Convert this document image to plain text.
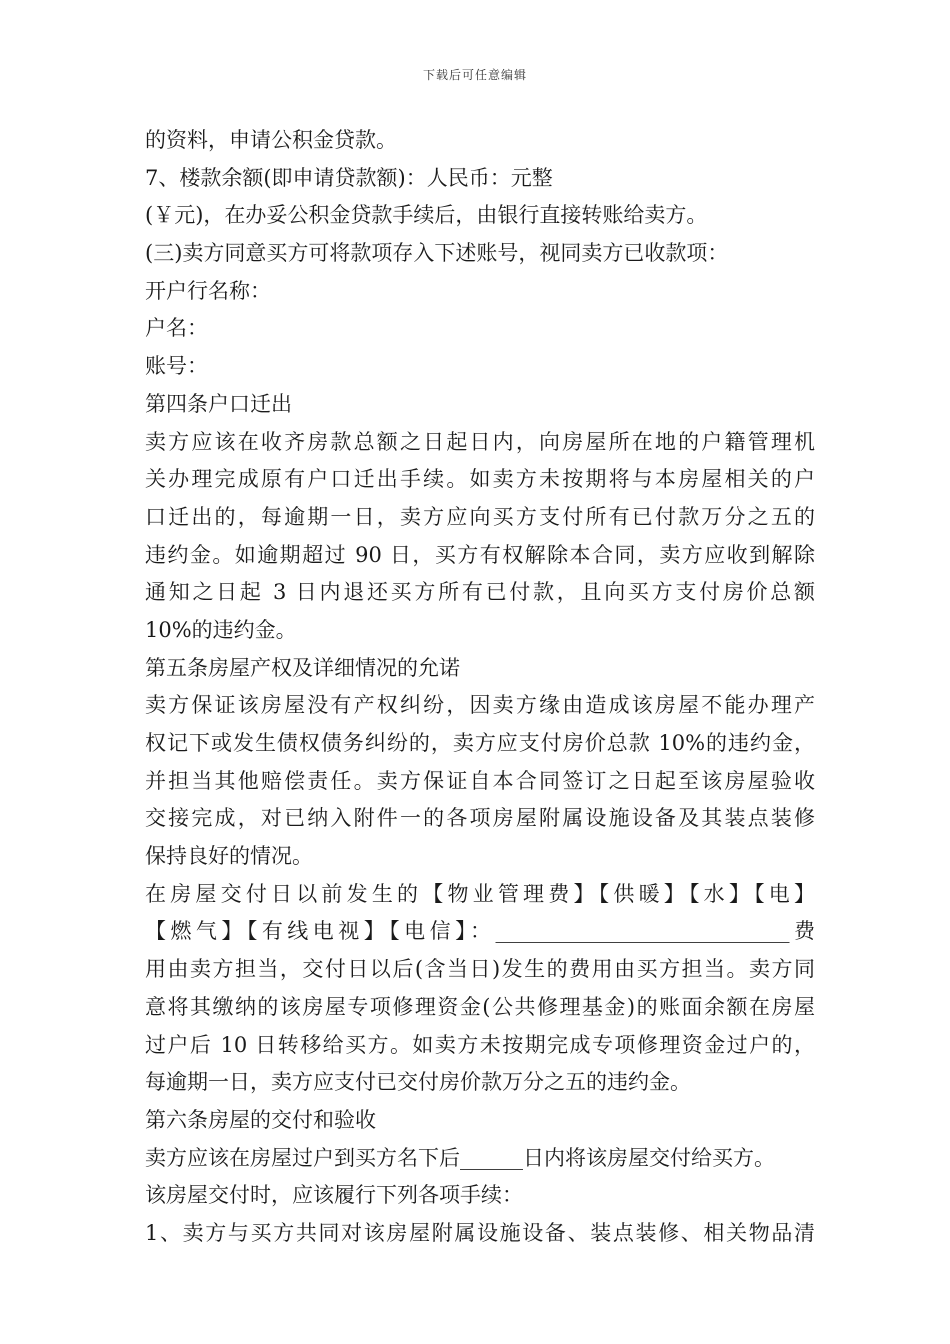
下载后可任意编辑
的资料，申请公积金贷款。
7、楼款余额(即申请贷款额)：人民币：元整
(￥元)，在办妥公积金贷款手续后，由银行直接转账给卖方。
(三)卖方同意买方可将款项存入下述账号，视同卖方已收款项：
开户行名称：
户名：
账号：
第四条户口迁出
卖方应该在收齐房款总额之日起日内，向房屋所在地的户籍管理机
关办理完成原有户口迁出手续。如卖方未按期将与本房屋相关的户
口迁出的，每逾期一日，卖方应向买方支付所有已付款万分之五的
违约金。如逾期超过 90 日，买方有权解除本合同，卖方应收到解除
通知之日起 3 日内退还买方所有已付款，且向买方支付房价总额
10%的违约金。
第五条房屋产权及详细情况的允诺
卖方保证该房屋没有产权纠纷，因卖方缘由造成该房屋不能办理产
权记下或发生债权债务纠纷的，卖方应支付房价总款 10%的违约金，
并担当其他赔偿责任。卖方保证自本合同签订之日起至该房屋验收
交接完成，对已纳入附件一的各项房屋附属设施设备及其装点装修
保持良好的情况。
在房屋交付日以前发生的【物业管理费】【供暖】【水】【电】
【燃气】【有线电视】【电信】：____________________________费
用由卖方担当，交付日以后(含当日)发生的费用由买方担当。卖方同
意将其缴纳的该房屋专项修理资金(公共修理基金)的账面余额在房屋
过户后 10 日转移给买方。如卖方未按期完成专项修理资金过户的，
每逾期一日，卖方应支付已交付房价款万分之五的违约金。
第六条房屋的交付和验收
卖方应该在房屋过户到买方名下后______日内将该房屋交付给买方。
该房屋交付时，应该履行下列各项手续：
1、卖方与买方共同对该房屋附属设施设备、装点装修、相关物品清
